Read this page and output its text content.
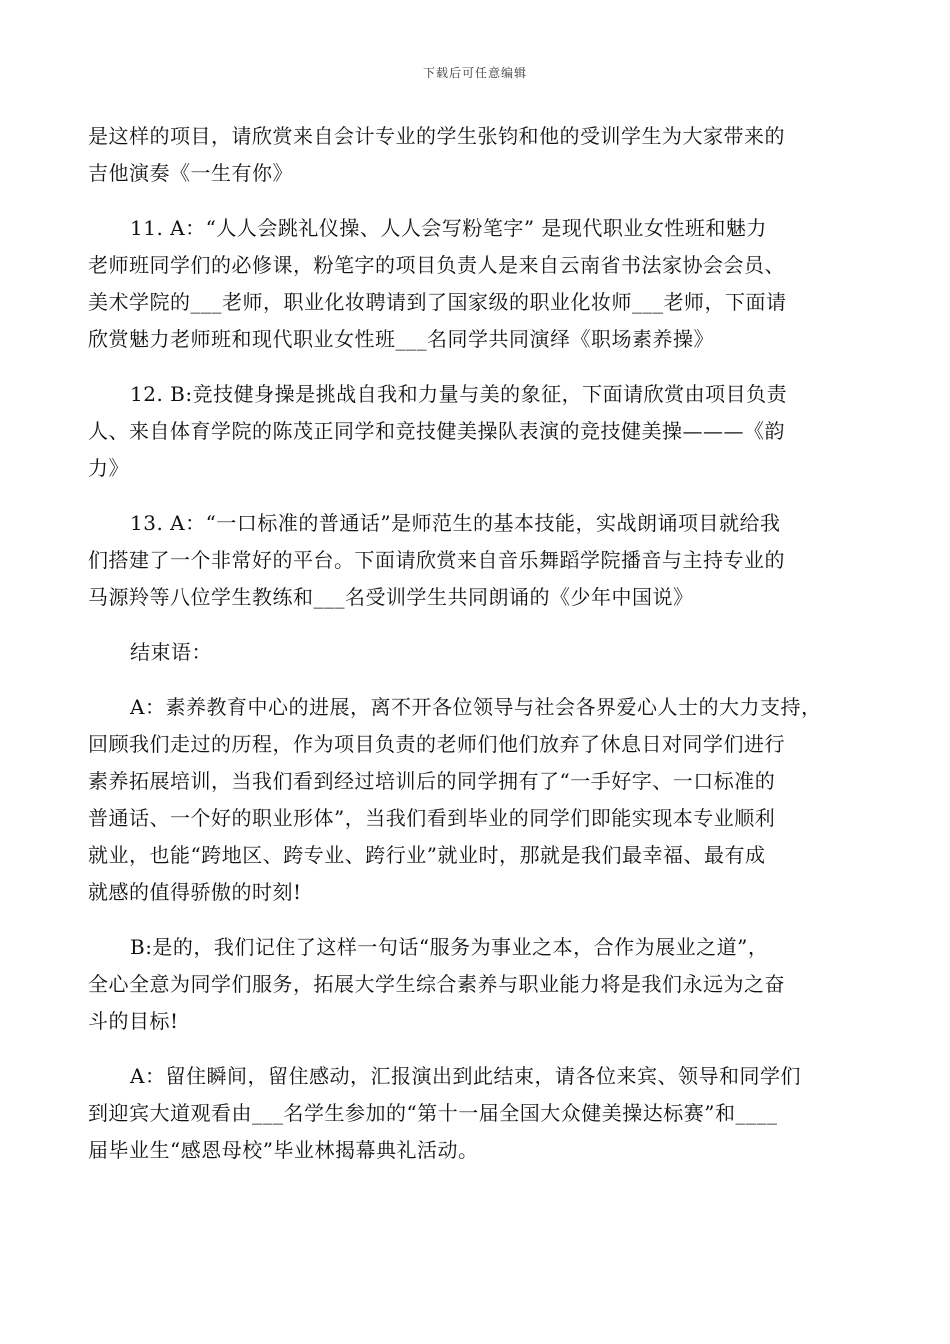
下载后可任意编辑

是这样的项目，请欣赏来自会计专业的学生张钧和他的受训学生为大家带来的
吉他演奏《一生有你》

11. A：“人人会跳礼仪操、人人会写粉笔字” 是现代职业女性班和魅力
老师班同学们的必修课，粉笔字的项目负责人是来自云南省书法家协会会员、
美术学院的___老师，职业化妆聘请到了国家级的职业化妆师___老师，下面请
欣赏魅力老师班和现代职业女性班___名同学共同演绎《职场素养操》

12. B:竞技健身操是挑战自我和力量与美的象征，下面请欣赏由项目负责
人、来自体育学院的陈茂正同学和竞技健美操队表演的竞技健美操———《韵
力》

13. A：“一口标准的普通话”是师范生的基本技能，实战朗诵项目就给我
们搭建了一个非常好的平台。下面请欣赏来自音乐舞蹈学院播音与主持专业的
马源羚等八位学生教练和___名受训学生共同朗诵的《少年中国说》

结束语：

A：素养教育中心的进展，离不开各位领导与社会各界爱心人士的大力支持，
回顾我们走过的历程，作为项目负责的老师们他们放弃了休息日对同学们进行
素养拓展培训，当我们看到经过培训后的同学拥有了“一手好字、一口标准的
普通话、一个好的职业形体”，当我们看到毕业的同学们即能实现本专业顺利
就业，也能“跨地区、跨专业、跨行业”就业时，那就是我们最幸福、最有成
就感的值得骄傲的时刻!

B:是的，我们记住了这样一句话“服务为事业之本，合作为展业之道”，
全心全意为同学们服务，拓展大学生综合素养与职业能力将是我们永远为之奋
斗的目标!

A：留住瞬间，留住感动，汇报演出到此结束，请各位来宾、领导和同学们
到迎宾大道观看由___名学生参加的“第十一届全国大众健美操达标赛”和____
届毕业生“感恩母校”毕业林揭幕典礼活动。
